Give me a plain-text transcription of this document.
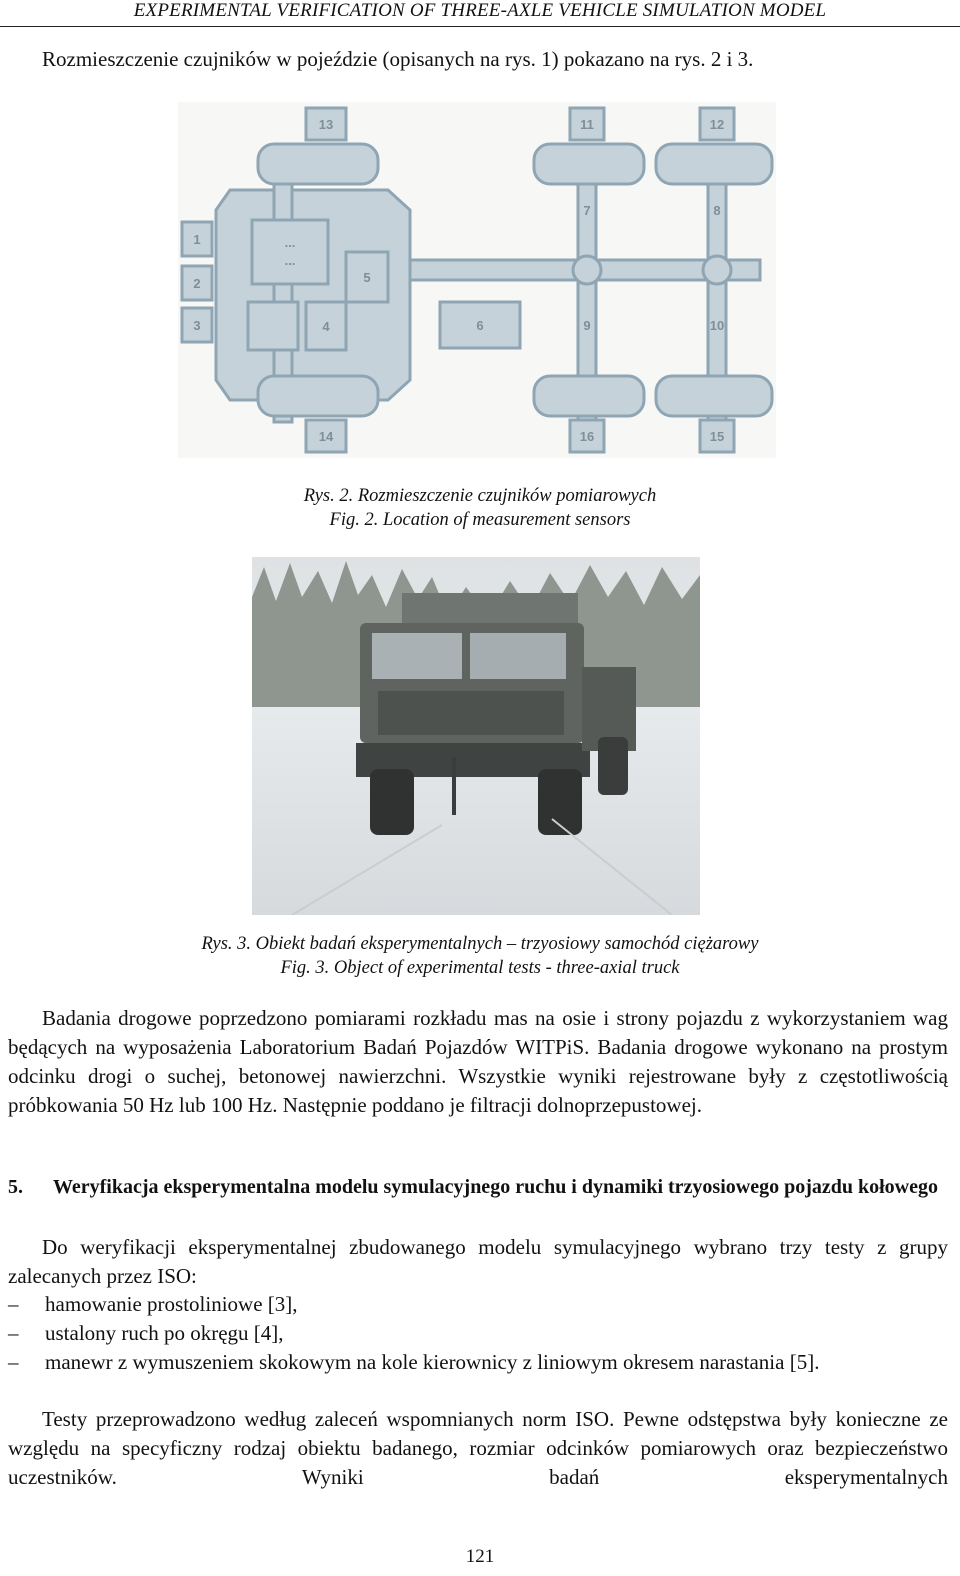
EXPERIMENTAL VERIFICATION OF THREE-AXLE VEHICLE SIMULATION MODEL
Rozmieszczenie czujników w pojeździe (opisanych na rys. 1) pokazano na rys. 2 i 3.
13	11	12
14	16	15
1
2
3	4
5
6
7	8
9	10
...
...
Rys. 2. Rozmieszczenie czujników pomiarowych
Fig. 2. Location of measurement sensors
Rys. 3. Obiekt badań eksperymentalnych – trzyosiowy samochód ciężarowy
Fig. 3. Object of experimental tests - three-axial truck
Badania drogowe poprzedzono pomiarami rozkładu mas na osie i strony pojazdu z wykorzystaniem wag będących na wyposażenia Laboratorium Badań Pojazdów WITPiS. Badania drogowe wykonano na prostym odcinku drogi o suchej, betonowej nawierzchni. Wszystkie wyniki rejestrowane były z częstotliwością próbkowania 50 Hz lub 100 Hz. Następnie poddano je filtracji dolnoprzepustowej.
5. Weryfikacja eksperymentalna modelu symulacyjnego ruchu i dynamiki trzyosiowego pojazdu kołowego
Do weryfikacji eksperymentalnej zbudowanego modelu symulacyjnego wybrano trzy testy z grupy zalecanych przez ISO:
– hamowanie prostoliniowe [3],
– ustalony ruch po okręgu [4],
– manewr z wymuszeniem skokowym na kole kierownicy z liniowym okresem narastania [5].
Testy przeprowadzono według zaleceń wspomnianych norm ISO. Pewne odstępstwa były konieczne ze względu na specyficzny rodzaj obiektu badanego, rozmiar odcinków pomiarowych oraz bezpieczeństwo uczestników. Wyniki badań eksperymentalnych
121
